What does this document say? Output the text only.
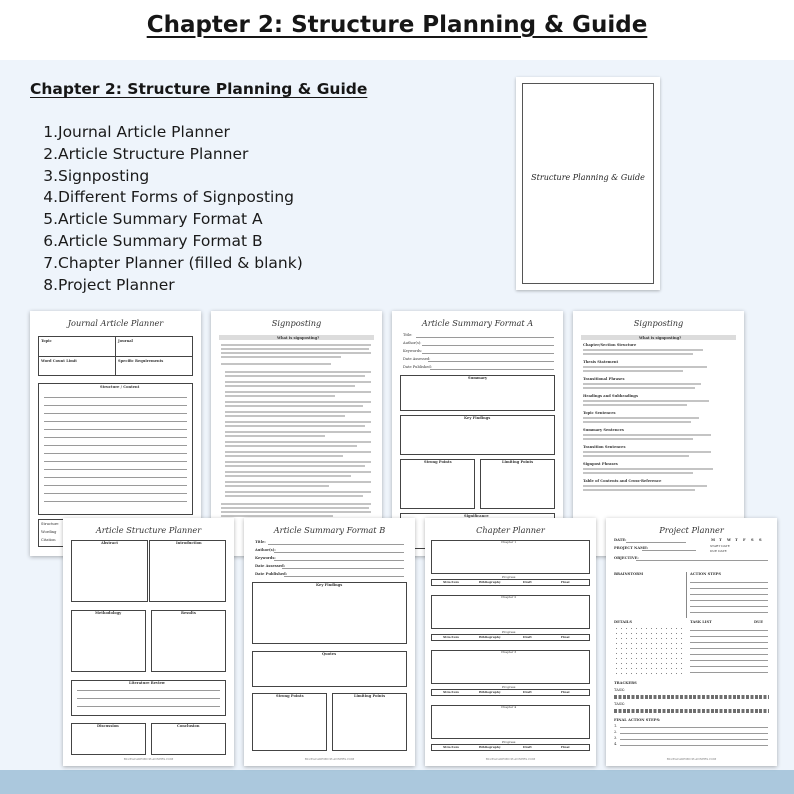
Chapter 2: Structure Planning & Guide
Chapter 2: Structure Planning & Guide
1. Journal Article Planner
2. Article Structure Planner
3. Signposting
4. Different Forms of Signposting
5. Article Summary Format A
6. Article Summary Format B
7. Chapter Planner (filled & blank)
8. Project Planner
Structure Planning & Guide
Journal Article Planner
Topic	Journal
Word Count Limit	Specific Requirements
Structure / Content
Structure
Wording
Citation
Signposting
What is signposting?
Article Summary Format A
Title:
Author(s):
Keywords:
Date Assessed:
Date Published:
Summary
Key Findings
Strong Points	Limiting Points
Significance
Signposting
What is signposting?
Chapter/Section Structure
Thesis Statement
Transitional Phrases
Headings and Subheadings
Topic Sentences
Summary Sentences
Transition Sentences
Signpost Phrases
Table of Contents and Cross-Reference
Article Structure Planner
Abstract	Introduction
Methodology	Results
Literature Review
Discussion	Conclusion
BLUEACADEMICPLANNERS.COM
Article Summary Format B
Title:
Author(s):
Keywords:
Date Assessed:
Date Published:
Key Findings
Quotes
Strong Points	Limiting Points
BLUEACADEMICPLANNERS.COM
Chapter Planner
Chapter 1
Progress
Structure	Bibliography	Draft	Final
Chapter 2
Progress
Structure	Bibliography	Draft	Final
Chapter 3
Progress
Structure	Bibliography	Draft	Final
Chapter 4
Progress
Structure	Bibliography	Draft	Final
BLUEACADEMICPLANNERS.COM
Project Planner
DATE:	M T W T F S S
PROJECT NAME:	START DATE
DUE DATE
OBJECTIVE:
BRAINSTORM	ACTION STEPS
DETAILS	TASK LIST	DUE
TRACKERS
TASK:
TASK:
FINAL ACTION STEPS:
1.
2.
3.
4.
BLUEACADEMICPLANNERS.COM
